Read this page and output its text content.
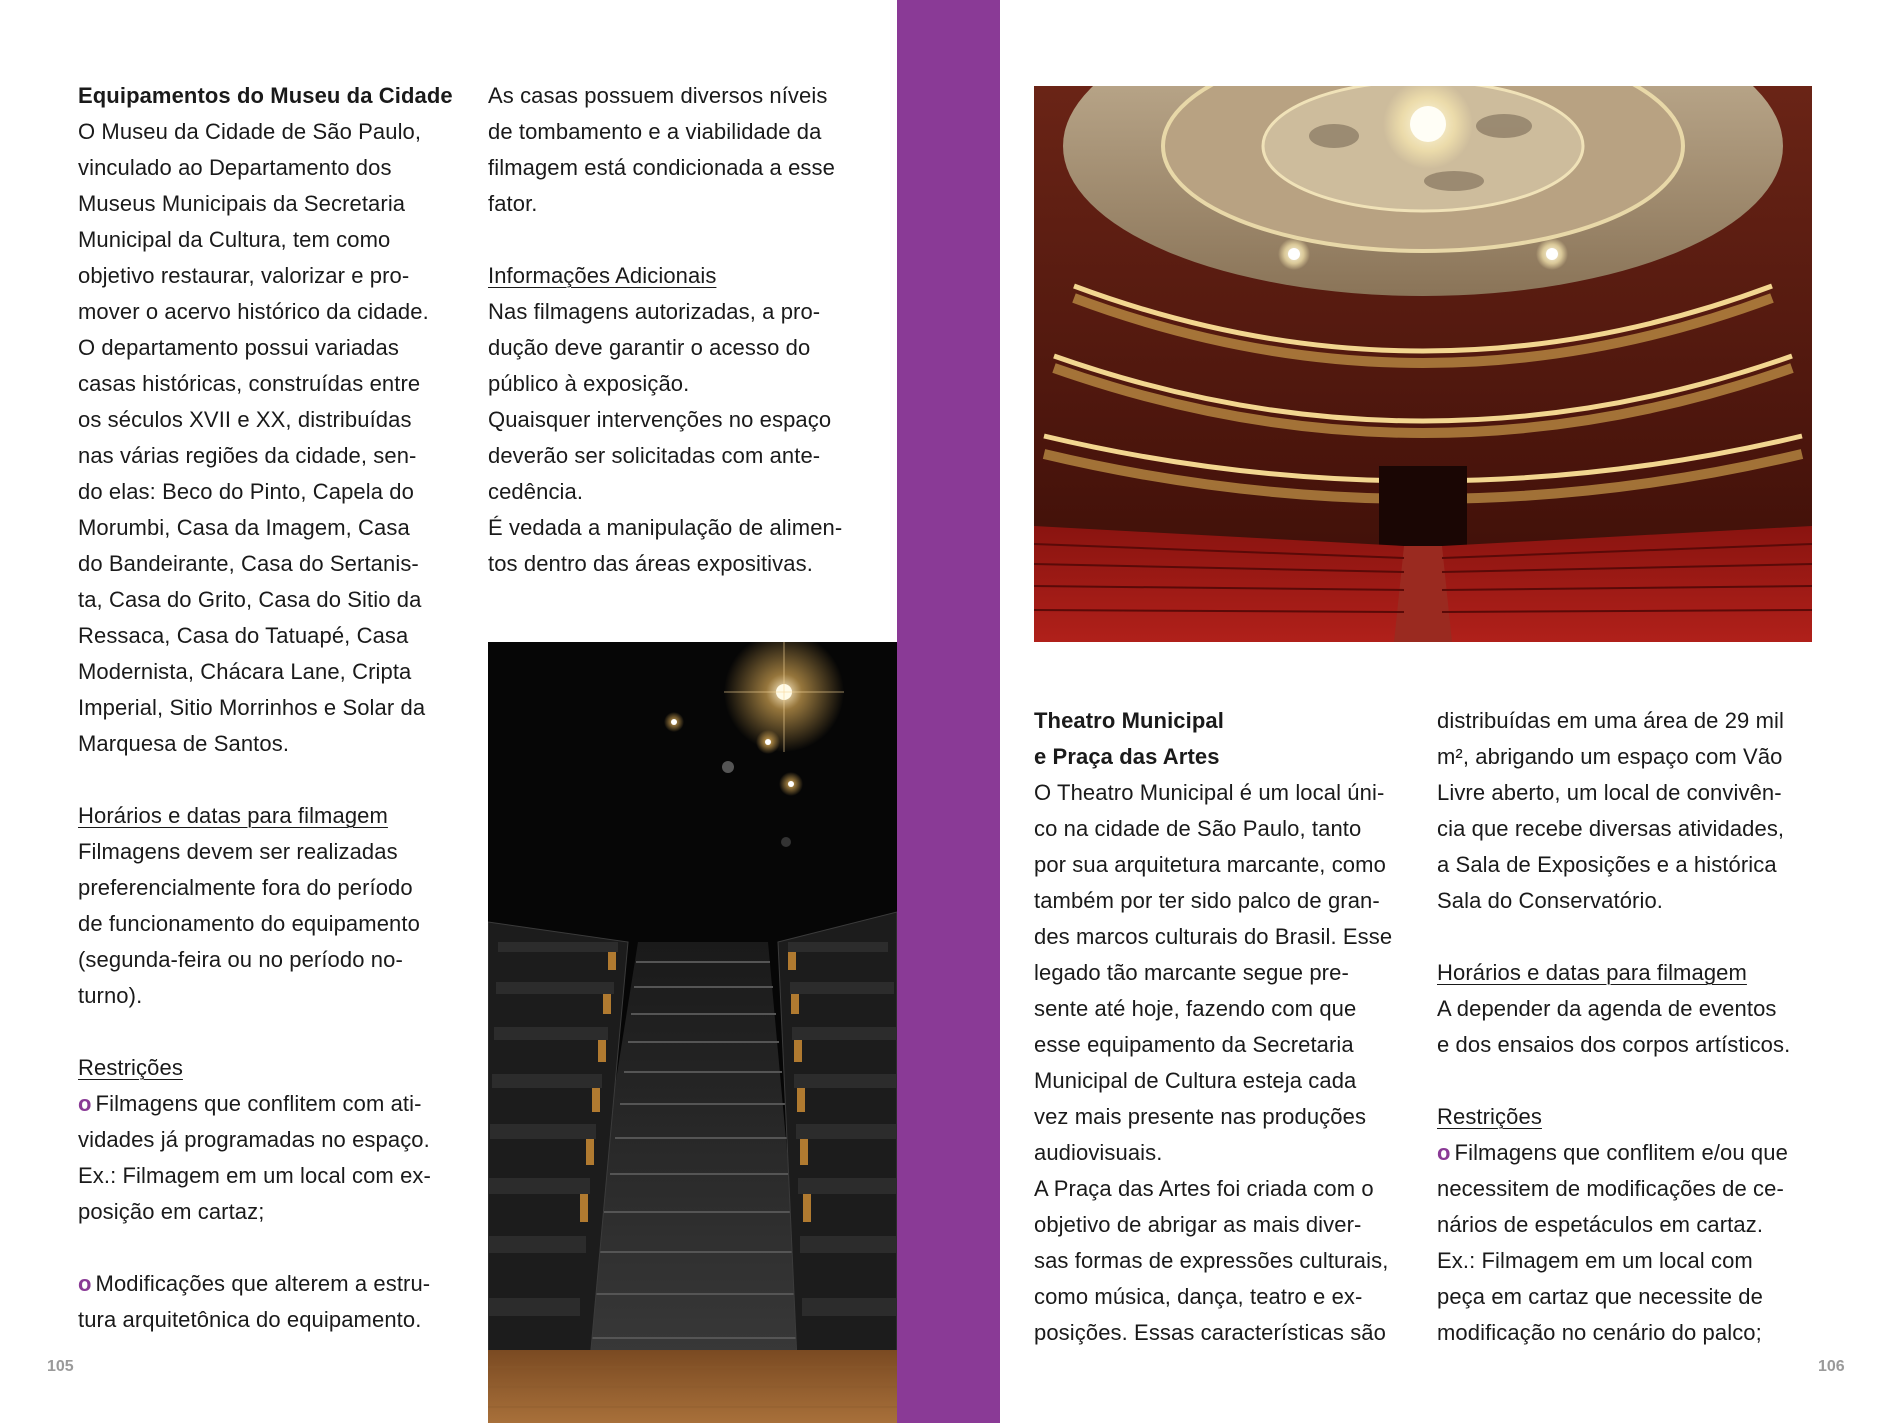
Equipamentos do Museu da Cidade

O Museu da Cidade de São Paulo,

vinculado ao Departamento dos

Museus Municipais da Secretaria

Municipal da Cultura, tem como

objetivo restaurar, valorizar e pro-

mover o acervo histórico da cidade.

O departamento possui variadas

casas históricas, construídas entre

os séculos XVII e XX, distribuídas

nas várias regiões da cidade, sen-

do elas: Beco do Pinto, Capela do

Morumbi, Casa da Imagem, Casa

do Bandeirante, Casa do Sertanis-

ta, Casa do Grito, Casa do Sitio da

Ressaca, Casa do Tatuapé, Casa

Modernista, Chácara Lane, Cripta

Imperial, Sitio Morrinhos e Solar da

Marquesa de Santos.

Horários e datas para filmagem

Filmagens devem ser realizadas

preferencialmente fora do período

de funcionamento do equipamento

(segunda-feira ou no período no-

turno).

Restrições

o Filmagens que conflitem com ati-

vidades já programadas no espaço.

Ex.: Filmagem em um local com ex-

posição em cartaz;

o Modificações que alterem a estru-

tura arquitetônica do equipamento.

As casas possuem diversos níveis

de tombamento e a viabilidade da

filmagem está condicionada a esse

fator.

Informações Adicionais

Nas filmagens autorizadas, a pro-

dução deve garantir o acesso do

público à exposição.

Quaisquer intervenções no espaço

deverão ser solicitadas com ante-

cedência.

É vedada a manipulação de alimen-

tos dentro das áreas expositivas.

105	106

Theatro Municipal

e Praça das Artes

O Theatro Municipal é um local úni-

co na cidade de São Paulo, tanto

por sua arquitetura marcante, como

também por ter sido palco de gran-

des marcos culturais do Brasil. Esse

legado tão marcante segue pre-

sente até hoje, fazendo com que

esse equipamento da Secretaria

Municipal de Cultura esteja cada

vez mais presente nas produções

audiovisuais.

A Praça das Artes foi criada com o

objetivo de abrigar as mais diver-

sas formas de expressões culturais,

como música, dança, teatro e ex-

posições. Essas características são

distribuídas em uma área de 29 mil

m², abrigando um espaço com Vão

Livre aberto, um local de convivên-

cia que recebe diversas atividades,

a Sala de Exposições e a histórica

Sala do Conservatório.

Horários e datas para filmagem

A depender da agenda de eventos

e dos ensaios dos corpos artísticos.

Restrições

o Filmagens que conflitem e/ou que

necessitem de modificações de ce-

nários de espetáculos em cartaz.

Ex.: Filmagem em um local com

peça em cartaz que necessite de

modificação no cenário do palco;
